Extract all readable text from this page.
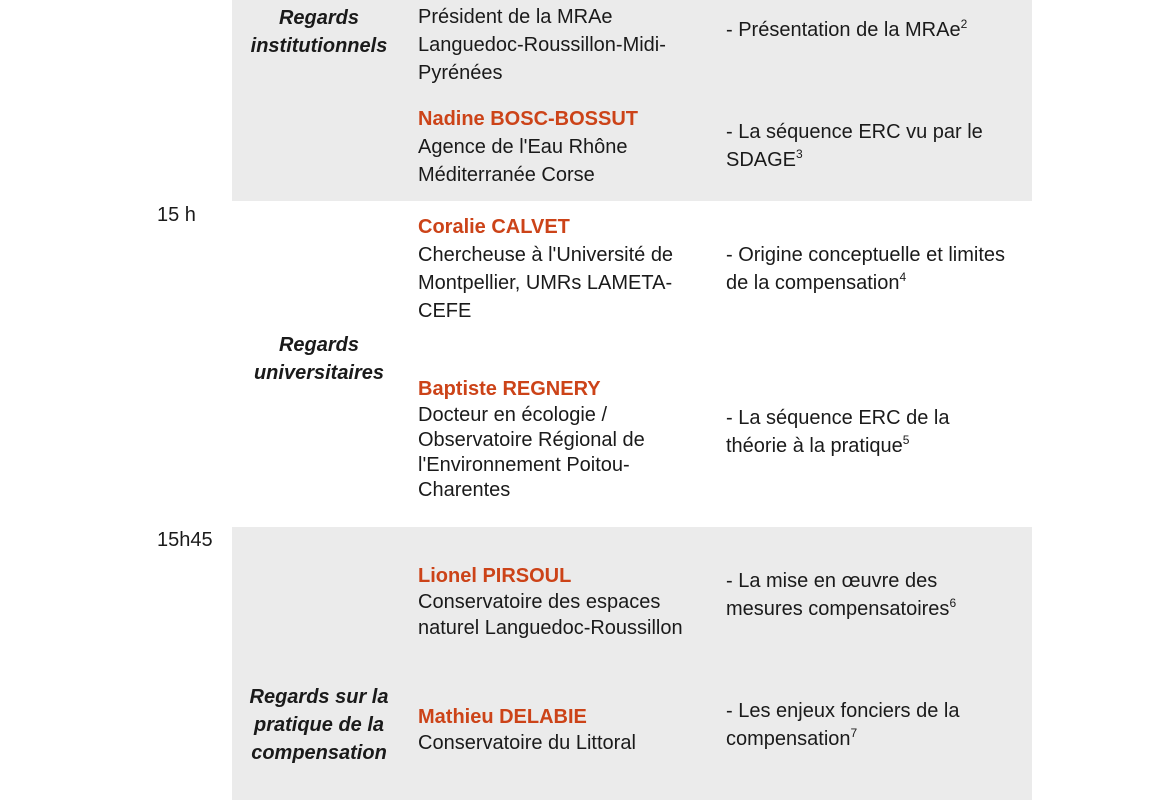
15 h
15h45
Regards institutionnels
Regards universitaires
Regards sur la pratique de la compensation
Président de la MRAe Languedoc-Roussillon-Midi-Pyrénées
Nadine BOSC-BOSSUT
Agence de l'Eau Rhône Méditerranée Corse
Coralie CALVET
Chercheuse à l'Université de Montpellier, UMRs LAMETA-CEFE
Baptiste REGNERY
Docteur en écologie / Observatoire Régional de l'Environnement Poitou-Charentes
Lionel PIRSOUL
Conservatoire des espaces naturel Languedoc-Roussillon
Mathieu DELABIE
Conservatoire du Littoral
- Présentation de la MRAe$^2$
- La séquence ERC vu par le SDAGE$^3$
- Origine conceptuelle et limites de la compensation$^4$
- La séquence ERC de la théorie à la pratique$^5$
- La mise en œuvre des mesures compensatoires$^6$
- Les enjeux fonciers de la compensation$^7$
